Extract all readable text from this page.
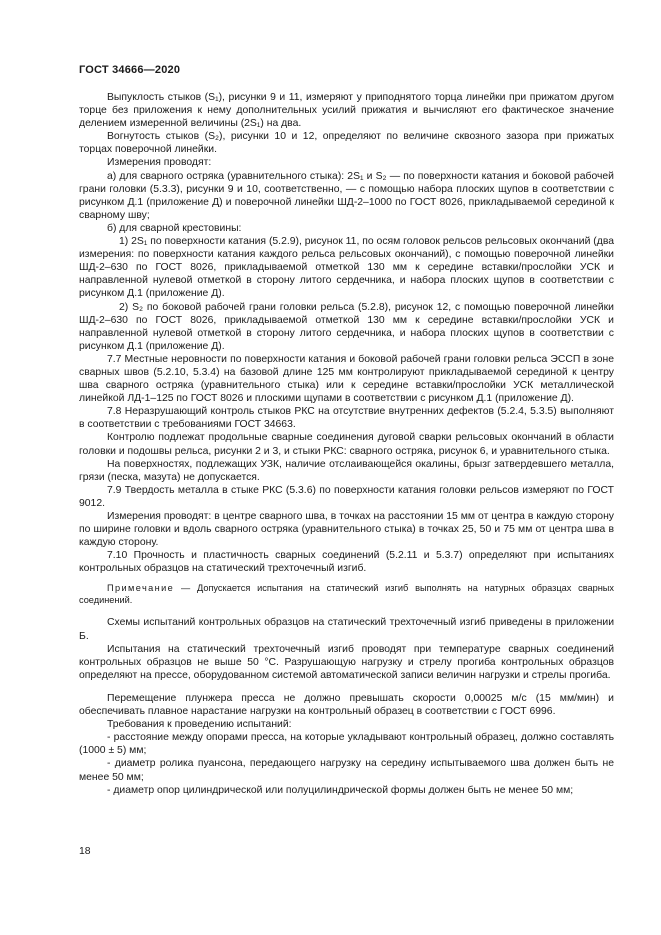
ГОСТ 34666—2020

Выпуклость стыков (S₁), рисунки 9 и 11, измеряют у приподнятого торца линейки при прижатом другом торце без приложения к нему дополнительных усилий прижатия и вычисляют его фактическое значение делением измеренной величины (2S₁) на два.

Вогнутость стыков (S₂), рисунки 10 и 12, определяют по величине сквозного зазора при прижатых торцах поверочной линейки.

Измерения проводят:

а) для сварного остряка (уравнительного стыка): 2S₁ и S₂ — по поверхности катания и боковой рабочей грани головки (5.3.3), рисунки 9 и 10, соответственно, — с помощью набора плоских щупов в соответствии с рисунком Д.1 (приложение Д) и поверочной линейки ШД-2–1000 по ГОСТ 8026, прикладываемой серединой к сварному шву;

б) для сварной крестовины:

1) 2S₁ по поверхности катания (5.2.9), рисунок 11, по осям головок рельсов рельсовых окончаний (два измерения: по поверхности катания каждого рельса рельсовых окончаний), с помощью поверочной линейки ШД-2–630 по ГОСТ 8026, прикладываемой отметкой 130 мм к середине вставки/прослойки УСК и направленной нулевой отметкой в сторону литого сердечника, и набора плоских щупов в соответствии с рисунком Д.1 (приложение Д).

2) S₂ по боковой рабочей грани головки рельса (5.2.8), рисунок 12, с помощью поверочной линейки ШД-2–630 по ГОСТ 8026, прикладываемой отметкой 130 мм к середине вставки/прослойки УСК и направленной нулевой отметкой в сторону литого сердечника, и набора плоских щупов в соответствии с рисунком Д.1 (приложение Д).

7.7 Местные неровности по поверхности катания и боковой рабочей грани головки рельса ЭССП в зоне сварных швов (5.2.10, 5.3.4) на базовой длине 125 мм контролируют прикладываемой серединой к центру шва сварного остряка (уравнительного стыка) или к середине вставки/прослойки УСК металлической линейкой ЛД-1–125 по ГОСТ 8026 и плоскими щупами в соответствии с рисунком Д.1 (приложение Д).

7.8 Неразрушающий контроль стыков РКС на отсутствие внутренних дефектов (5.2.4, 5.3.5) выполняют в соответствии с требованиями ГОСТ 34663.

Контролю подлежат продольные сварные соединения дуговой сварки рельсовых окончаний в области головки и подошвы рельса, рисунки 2 и 3, и стыки РКС: сварного остряка, рисунок 6, и уравнительного стыка.

На поверхностях, подлежащих УЗК, наличие отслаивающейся окалины, брызг затвердевшего металла, грязи (песка, мазута) не допускается.

7.9 Твердость металла в стыке РКС (5.3.6) по поверхности катания головки рельсов измеряют по ГОСТ 9012.

Измерения проводят: в центре сварного шва, в точках на расстоянии 15 мм от центра в каждую сторону по ширине головки и вдоль сварного остряка (уравнительного стыка) в точках 25, 50 и 75 мм от центра шва в каждую сторону.

7.10 Прочность и пластичность сварных соединений (5.2.11 и 5.3.7) определяют при испытаниях контрольных образцов на статический трехточечный изгиб.

Примечание — Допускается испытания на статический изгиб выполнять на натурных образцах сварных соединений.

Схемы испытаний контрольных образцов на статический трехточечный изгиб приведены в приложении Б.

Испытания на статический трехточечный изгиб проводят при температуре сварных соединений контрольных образцов не выше 50 °С. Разрушающую нагрузку и стрелу прогиба контрольных образцов определяют на прессе, оборудованном системой автоматической записи величин нагрузки и стрелы прогиба.

Перемещение плунжера пресса не должно превышать скорости 0,00025 м/с (15 мм/мин) и обеспечивать плавное нарастание нагрузки на контрольный образец в соответствии с ГОСТ 6996.

Требования к проведению испытаний:

- расстояние между опорами пресса, на которые укладывают контрольный образец, должно составлять (1000 ± 5) мм;

- диаметр ролика пуансона, передающего нагрузку на середину испытываемого шва должен быть не менее 50 мм;

- диаметр опор цилиндрической или полуцилиндрической формы должен быть не менее 50 мм;

18
